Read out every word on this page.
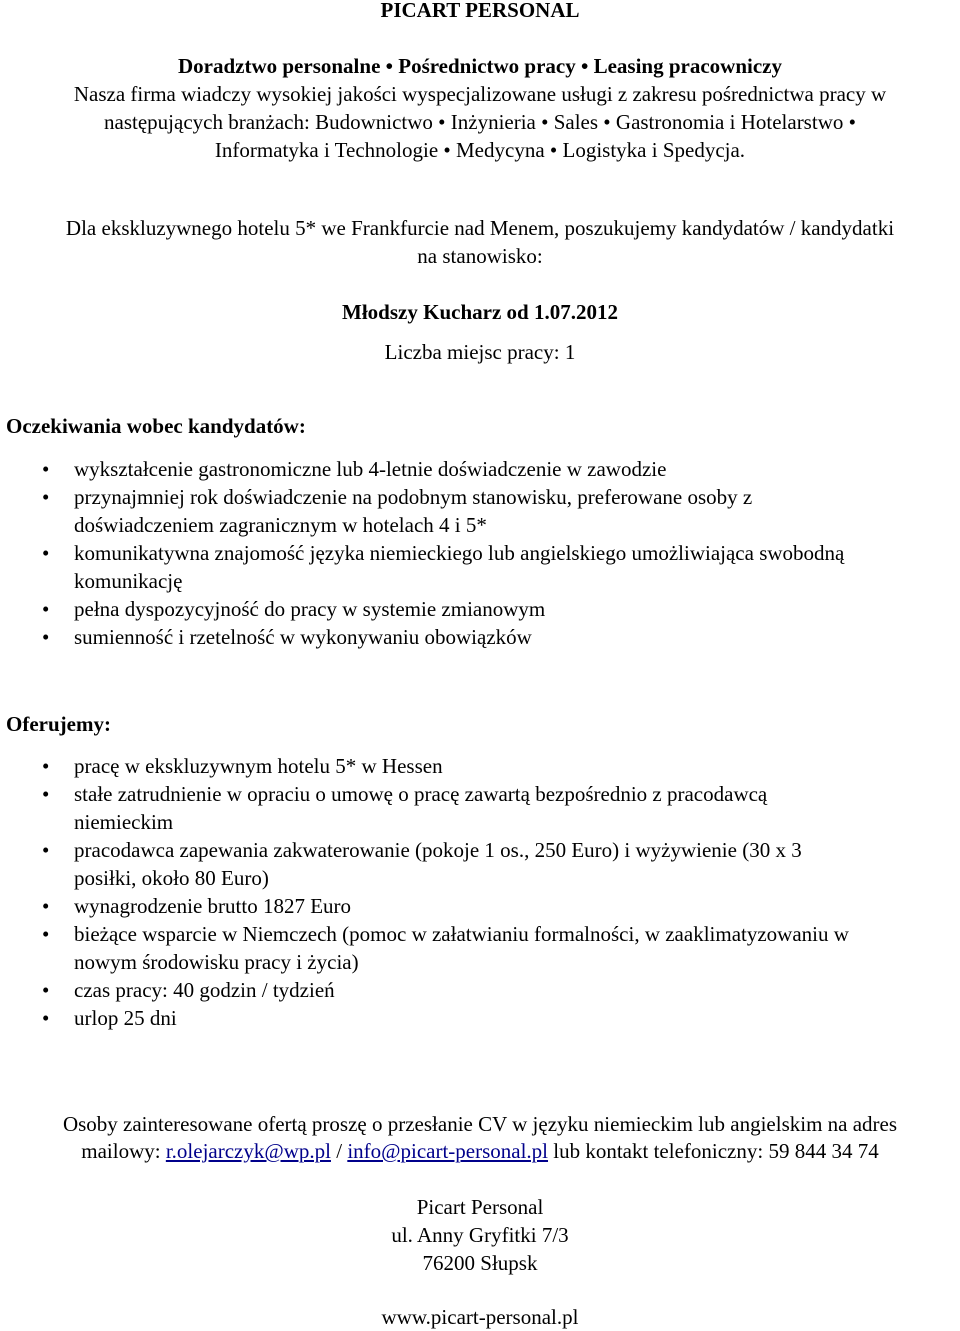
PICART PERSONAL
Doradztwo personalne • Pośrednictwo pracy • Leasing pracowniczy
Nasza firma wiadczy wysokiej jakości wyspecjalizowane usługi z zakresu pośrednictwa pracy w
następujących branżach: Budownictwo • Inżynieria • Sales • Gastronomia i Hotelarstwo •
Informatyka i Technologie • Medycyna • Logistyka i Spedycja.
Dla ekskluzywnego hotelu 5* we Frankfurcie nad Menem, poszukujemy kandydatów / kandydatki
na stanowisko:
Młodszy Kucharz od 1.07.2012
Liczba miejsc pracy: 1
Oczekiwania wobec kandydatów:
• wykształcenie gastronomiczne lub 4-letnie doświadczenie w zawodzie
• przynajmniej rok doświadczenie na podobnym stanowisku, preferowane osoby z
doświadczeniem zagranicznym w hotelach 4 i 5*
• komunikatywna znajomość języka niemieckiego lub angielskiego umożliwiająca swobodną
komunikację
• pełna dyspozycyjność do pracy w systemie zmianowym
• sumienność i rzetelność w wykonywaniu obowiązków
Oferujemy:
• pracę w ekskluzywnym hotelu 5* w Hessen
• stałe zatrudnienie w opraciu o umowę o pracę zawartą bezpośrednio z pracodawcą
niemieckim
• pracodawca zapewania zakwaterowanie (pokoje 1 os., 250 Euro) i wyżywienie (30 x 3
posiłki, około 80 Euro)
• wynagrodzenie brutto 1827 Euro
• bieżące wsparcie w Niemczech (pomoc w załatwianiu formalności, w zaaklimatyzowaniu w
nowym środowisku pracy i życia)
• czas pracy: 40 godzin / tydzień
• urlop 25 dni
Osoby zainteresowane ofertą proszę o przesłanie CV w języku niemieckim lub angielskim na adres
mailowy: r.olejarczyk@wp.pl / info@picart-personal.pl lub kontakt telefoniczny: 59 844 34 74
Picart Personal
ul. Anny Gryfitki 7/3
76200 Słupsk
www.picart-personal.pl
